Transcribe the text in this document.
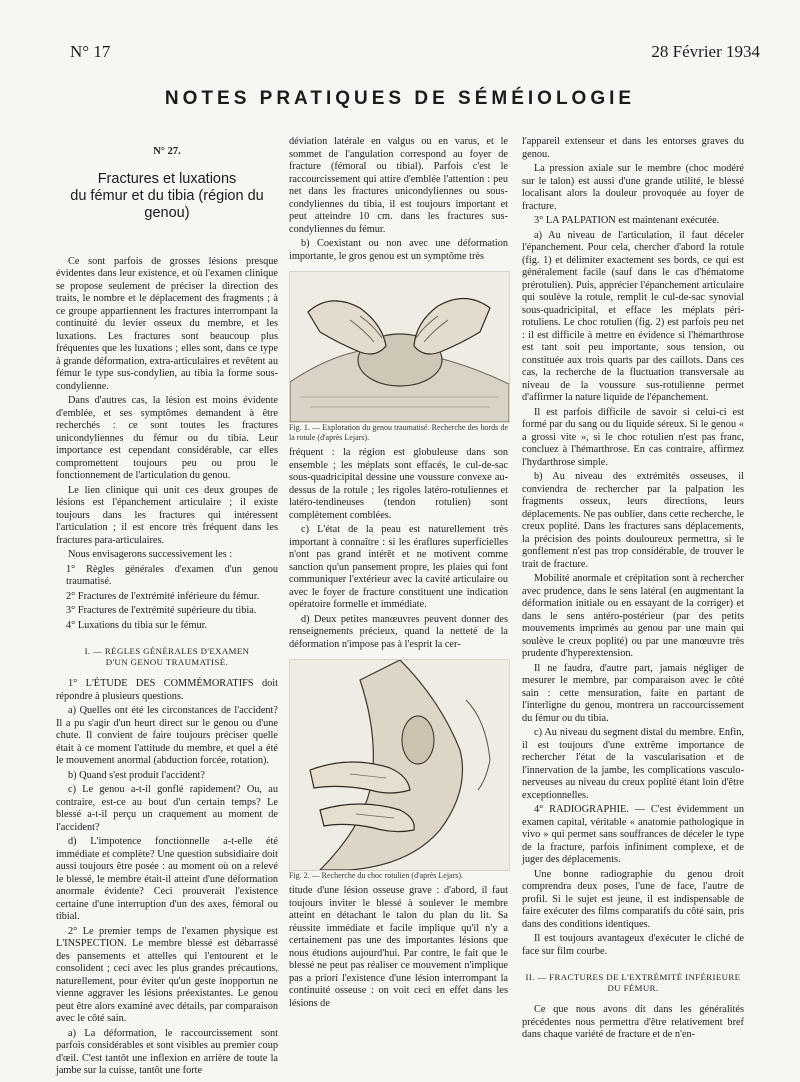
N° 17	28 Février 1934
NOTES PRATIQUES DE SÉMÉIOLOGIE
N° 27.
Fractures et luxations
du fémur et du tibia (région du genou)

Ce sont parfois de grosses lésions presque évidentes dans leur existence, et où l'examen clinique se propose seulement de préciser la direction des traits, le nombre et le déplacement des fragments ; à ce groupe appartiennent les fractures interrompant la continuité du levier osseux du membre, et les luxations. Les fractures sont beaucoup plus fréquentes que les luxations ; elles sont, dans ce type à grande déformation, extra-articulaires et revêtent au fémur le type sus-condylien, au tibia la forme sous-condylienne.

Dans d'autres cas, la lésion est moins évidente d'emblée, et ses symptômes demandent à être recherchés : ce sont toutes les fractures unicondyliennes du fémur ou du tibia. Leur importance est cependant considérable, car elles compromettent toujours peu ou prou le fonctionnement de l'articulation du genou.

Le lien clinique qui unit ces deux groupes de lésions est l'épanchement articulaire ; il existe toujours dans les fractures qui intéressent l'articulation ; il est encore très fréquent dans les fractures para-articulaires.

Nous envisagerons successivement les :

1° Règles générales d'examen d'un genou traumatisé.

2° Fractures de l'extrémité inférieure du fémur.

3° Fractures de l'extrémité supérieure du tibia.

4° Luxations du tibia sur le fémur.

I. — RÈGLES GÉNÉRALES D'EXAMEN
D'UN GENOU TRAUMATISÉ.

1° L'ÉTUDE DES COMMÉMORATIFS doit répondre à plusieurs questions.

a) Quelles ont été les circonstances de l'accident? Il a pu s'agir d'un heurt direct sur le genou ou d'une chute. Il convient de faire toujours préciser quelle était à ce moment l'attitude du membre, et quel a été le mouvement anormal (abduction forcée, rotation).

b) Quand s'est produit l'accident?

c) Le genou a-t-il gonflé rapidement? Ou, au contraire, est-ce au bout d'un certain temps? Le blessé a-t-il perçu un craquement au moment de l'accident?

d) L'impotence fonctionnelle a-t-elle été immédiate et complète? Une question subsidiaire doit aussi toujours être posée : au moment où on a relevé le blessé, le membre était-il atteint d'une déformation anormale évidente? Ceci prouverait l'existence certaine d'une interruption d'un des axes, fémoral ou tibial.

2° Le premier temps de l'examen physique est L'INSPECTION. Le membre blessé est débarrassé des pansements et attelles qui l'entourent et le consolident ; ceci avec les plus grandes précautions, naturellement, pour éviter qu'un geste inopportun ne vienne aggraver les lésions préexistantes. Le genou peut être alors examiné avec détails, par comparaison avec le côté sain.

a) La déformation, le raccourcissement sont parfois considérables et sont visibles au premier coup d'œil. C'est tantôt une inflexion en arrière de toute la jambe sur la cuisse, tantôt une forte

déviation latérale en valgus ou en varus, et le sommet de l'angulation correspond au foyer de fracture (fémoral ou tibial). Parfois c'est le raccourcissement qui attire d'emblée l'attention : peu net dans les fractures unicondyliennes ou sous-condyliennes du tibia, il est toujours important et peut atteindre 10 cm. dans les fractures sus-condyliennes du fémur.

b) Coexistant ou non avec une déformation importante, le gros genou est un symptôme très

Fig. 1. — Exploration du genou traumatisé. Recherche des bords de la rotule (d'après Lejars).

fréquent : la région est globuleuse dans son ensemble ; les méplats sont effacés, le cul-de-sac sous-quadricipital dessine une voussure convexe au-dessus de la rotule ; les rigoles latéro-rotuliennes et latéro-tendineuses (tendon rotulien) sont complètement comblées.

c) L'état de la peau est naturellement très important à connaître : si les éraflures superficielles n'ont pas grand intérêt et ne motivent comme sanction qu'un pansement propre, les plaies qui font communiquer l'extérieur avec la cavité articulaire ou avec le foyer de fracture constituent une indication opératoire formelle et immédiate.

d) Deux petites manœuvres peuvent donner des renseignements précieux, quand la netteté de la déformation n'impose pas à l'esprit la cer-

Fig. 2. — Recherche du choc rotulien (d'après Lejars).

titude d'une lésion osseuse grave : d'abord, il faut toujours inviter le blessé à soulever le membre atteint en détachant le talon du plan du lit. Sa réussite immédiate et facile implique qu'il n'y a certainement pas une des importantes lésions que nous étudions aujourd'hui. Par contre, le fait que le blessé ne peut pas réaliser ce mouvement n'implique pas a priori l'existence d'une lésion interrompant la continuité osseuse : on voit ceci en effet dans les lésions de

l'appareil extenseur et dans les entorses graves du genou.

La pression axiale sur le membre (choc modéré sur le talon) est aussi d'une grande utilité, le blessé localisant alors la douleur provoquée au foyer de fracture.

3° LA PALPATION est maintenant exécutée.

a) Au niveau de l'articulation, il faut déceler l'épanchement. Pour cela, chercher d'abord la rotule (fig. 1) et délimiter exactement ses bords, ce qui est généralement facile (sauf dans le cas d'hématome prérotulien). Puis, apprécier l'épanchement articulaire qui soulève la rotule, remplit le cul-de-sac synovial sous-quadricipital, et efface les méplats péri-rotuliens. Le choc rotulien (fig. 2) est parfois peu net : il est difficile à mettre en évidence si l'hémarthrose est tant soit peu importante, sous tension, ou constituée aux trois quarts par des caillots. Dans ces cas, la recherche de la fluctuation transversale au niveau de la voussure sus-rotulienne permet d'affirmer la nature liquide de l'épanchement.

Il est parfois difficile de savoir si celui-ci est formé par du sang ou du liquide séreux. Si le genou « a grossi vite », si le choc rotulien n'est pas franc, concluez à l'hémarthrose. En cas contraire, affirmez l'hydarthrose simple.

b) Au niveau des extrémités osseuses, il conviendra de rechercher par la palpation les fragments osseux, leurs directions, leurs déplacements. Ne pas oublier, dans cette recherche, le creux poplité. Dans les fractures sans déplacements, la précision des points douloureux permettra, si le gonflement n'est pas trop considérable, de trouver le trait de fracture.

Mobilité anormale et crépitation sont à rechercher avec prudence, dans le sens latéral (en augmentant la déformation initiale ou en essayant de la corriger) et dans le sens antéro-postérieur (par des petits mouvements imprimés au genou par une main qui soulève le creux poplité) ou par une manœuvre très prudente d'hyperextension.

Il ne faudra, d'autre part, jamais négliger de mesurer le membre, par comparaison avec le côté sain : cette mensuration, faite en partant de l'interligne du genou, montrera un raccourcissement du fémur ou du tibia.

c) Au niveau du segment distal du membre. Enfin, il est toujours d'une extrême importance de rechercher l'état de la vascularisation et de l'innervation de la jambe, les complications vasculo-nerveuses au niveau du creux poplité étant loin d'être exceptionnelles.

4° RADIOGRAPHIE. — C'est évidemment un examen capital, véritable « anatomie pathologique in vivo » qui permet sans souffrances de déceler le type de la fracture, parfois infiniment complexe, et de juger des déplacements.

Une bonne radiographie du genou droit comprendra deux poses, l'une de face, l'autre de profil. Si le sujet est jeune, il est indispensable de faire exécuter des films comparatifs du côté sain, pris dans des conditions identiques.

Il est toujours avantageux d'exécuter le cliché de face sur film courbe.

II. — FRACTURES DE L'EXTRÉMITÉ INFÉRIEURE
DU FÉMUR.

Ce que nous avons dit dans les généralités précédentes nous permettra d'être relativement bref dans chaque variété de fracture et de n'en-
